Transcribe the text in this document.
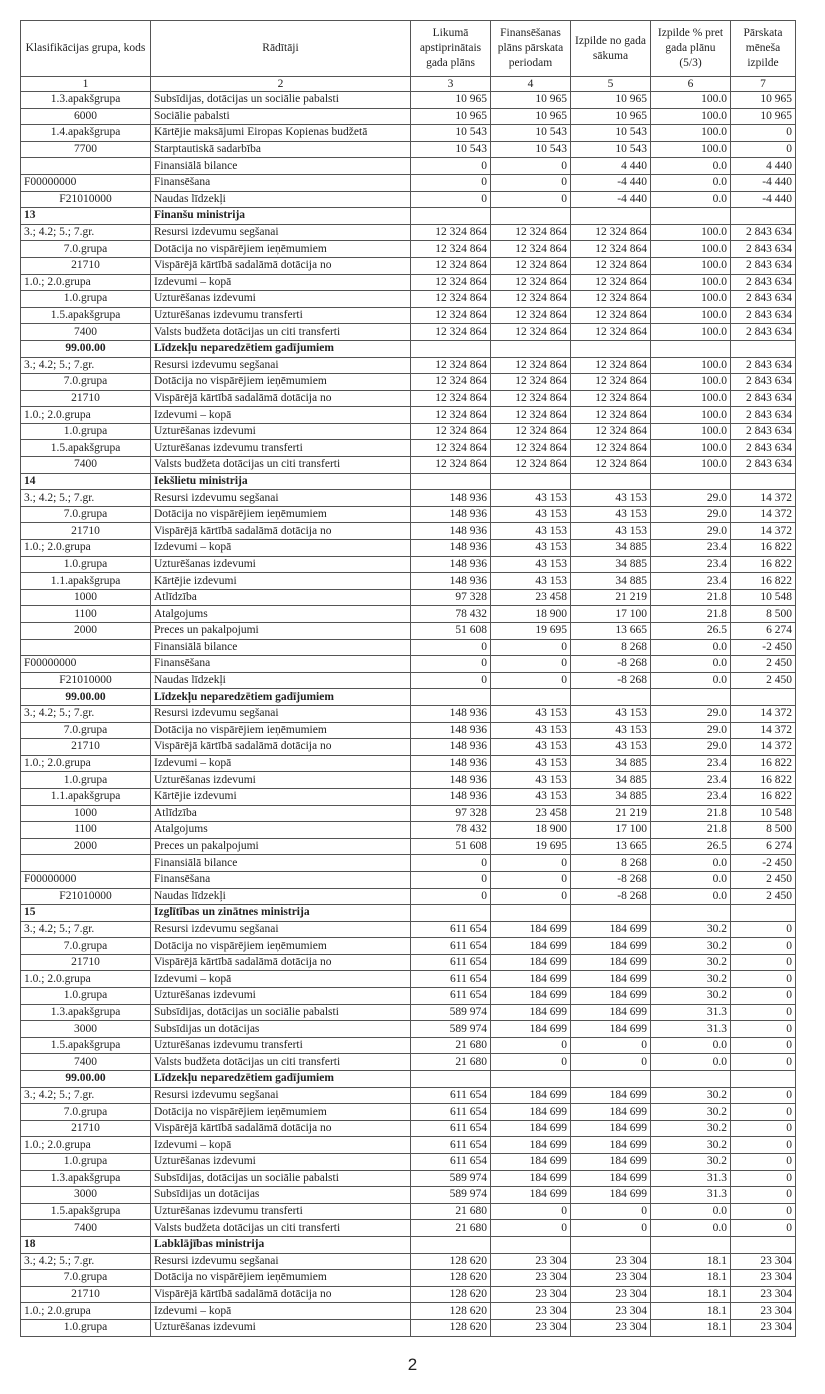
Klasifikācijas grupa, kods	Rādītāji	Likumā apstiprinātais gada plāns	Finansēšanas plāns pārskata periodam	Izpilde no gada sākuma	Izpilde % pret gada plānu (5/3)	Pārskata mēneša izpilde
1	2	3	4	5	6	7
1.3.apakšgrupa	Subsīdijas, dotācijas un sociālie pabalsti	10 965	10 965	10 965	100.0	10 965
6000	Sociālie pabalsti	10 965	10 965	10 965	100.0	10 965
1.4.apakšgrupa	Kārtējie maksājumi Eiropas Kopienas budžetā	10 543	10 543	10 543	100.0	0
7700	Starptautiskā sadarbība	10 543	10 543	10 543	100.0	0
	Finansiālā bilance	0	0	4 440	0.0	4 440
F00000000	Finansēšana	0	0	-4 440	0.0	-4 440
F21010000	Naudas līdzekļi	0	0	-4 440	0.0	-4 440
13	Finanšu ministrija					
3.; 4.2; 5.; 7.gr.	Resursi izdevumu segšanai	12 324 864	12 324 864	12 324 864	100.0	2 843 634
7.0.grupa	Dotācija no vispārējiem ieņēmumiem	12 324 864	12 324 864	12 324 864	100.0	2 843 634
21710	Vispārējā kārtībā sadalāmā dotācija no	12 324 864	12 324 864	12 324 864	100.0	2 843 634
1.0.; 2.0.grupa	Izdevumi – kopā	12 324 864	12 324 864	12 324 864	100.0	2 843 634
1.0.grupa	Uzturēšanas izdevumi	12 324 864	12 324 864	12 324 864	100.0	2 843 634
1.5.apakšgrupa	Uzturēšanas izdevumu transferti	12 324 864	12 324 864	12 324 864	100.0	2 843 634
7400	Valsts budžeta dotācijas un citi transferti	12 324 864	12 324 864	12 324 864	100.0	2 843 634
99.00.00	Līdzekļu neparedzētiem gadījumiem					
3.; 4.2; 5.; 7.gr.	Resursi izdevumu segšanai	12 324 864	12 324 864	12 324 864	100.0	2 843 634
7.0.grupa	Dotācija no vispārējiem ieņēmumiem	12 324 864	12 324 864	12 324 864	100.0	2 843 634
21710	Vispārējā kārtībā sadalāmā dotācija no	12 324 864	12 324 864	12 324 864	100.0	2 843 634
1.0.; 2.0.grupa	Izdevumi – kopā	12 324 864	12 324 864	12 324 864	100.0	2 843 634
1.0.grupa	Uzturēšanas izdevumi	12 324 864	12 324 864	12 324 864	100.0	2 843 634
1.5.apakšgrupa	Uzturēšanas izdevumu transferti	12 324 864	12 324 864	12 324 864	100.0	2 843 634
7400	Valsts budžeta dotācijas un citi transferti	12 324 864	12 324 864	12 324 864	100.0	2 843 634
14	Iekšlietu ministrija					
3.; 4.2; 5.; 7.gr.	Resursi izdevumu segšanai	148 936	43 153	43 153	29.0	14 372
7.0.grupa	Dotācija no vispārējiem ieņēmumiem	148 936	43 153	43 153	29.0	14 372
21710	Vispārējā kārtībā sadalāmā dotācija no	148 936	43 153	43 153	29.0	14 372
1.0.; 2.0.grupa	Izdevumi – kopā	148 936	43 153	34 885	23.4	16 822
1.0.grupa	Uzturēšanas izdevumi	148 936	43 153	34 885	23.4	16 822
1.1.apakšgrupa	Kārtējie izdevumi	148 936	43 153	34 885	23.4	16 822
1000	Atlīdzība	97 328	23 458	21 219	21.8	10 548
1100	Atalgojums	78 432	18 900	17 100	21.8	8 500
2000	Preces un pakalpojumi	51 608	19 695	13 665	26.5	6 274
	Finansiālā bilance	0	0	8 268	0.0	-2 450
F00000000	Finansēšana	0	0	-8 268	0.0	2 450
F21010000	Naudas līdzekļi	0	0	-8 268	0.0	2 450
99.00.00	Līdzekļu neparedzētiem gadījumiem					
3.; 4.2; 5.; 7.gr.	Resursi izdevumu segšanai	148 936	43 153	43 153	29.0	14 372
7.0.grupa	Dotācija no vispārējiem ieņēmumiem	148 936	43 153	43 153	29.0	14 372
21710	Vispārējā kārtībā sadalāmā dotācija no	148 936	43 153	43 153	29.0	14 372
1.0.; 2.0.grupa	Izdevumi – kopā	148 936	43 153	34 885	23.4	16 822
1.0.grupa	Uzturēšanas izdevumi	148 936	43 153	34 885	23.4	16 822
1.1.apakšgrupa	Kārtējie izdevumi	148 936	43 153	34 885	23.4	16 822
1000	Atlīdzība	97 328	23 458	21 219	21.8	10 548
1100	Atalgojums	78 432	18 900	17 100	21.8	8 500
2000	Preces un pakalpojumi	51 608	19 695	13 665	26.5	6 274
	Finansiālā bilance	0	0	8 268	0.0	-2 450
F00000000	Finansēšana	0	0	-8 268	0.0	2 450
F21010000	Naudas līdzekļi	0	0	-8 268	0.0	2 450
15	Izglītības un zinātnes ministrija					
3.; 4.2; 5.; 7.gr.	Resursi izdevumu segšanai	611 654	184 699	184 699	30.2	0
7.0.grupa	Dotācija no vispārējiem ieņēmumiem	611 654	184 699	184 699	30.2	0
21710	Vispārējā kārtībā sadalāmā dotācija no	611 654	184 699	184 699	30.2	0
1.0.; 2.0.grupa	Izdevumi – kopā	611 654	184 699	184 699	30.2	0
1.0.grupa	Uzturēšanas izdevumi	611 654	184 699	184 699	30.2	0
1.3.apakšgrupa	Subsīdijas, dotācijas un sociālie pabalsti	589 974	184 699	184 699	31.3	0
3000	Subsīdijas un dotācijas	589 974	184 699	184 699	31.3	0
1.5.apakšgrupa	Uzturēšanas izdevumu transferti	21 680	0	0	0.0	0
7400	Valsts budžeta dotācijas un citi transferti	21 680	0	0	0.0	0
99.00.00	Līdzekļu neparedzētiem gadījumiem					
3.; 4.2; 5.; 7.gr.	Resursi izdevumu segšanai	611 654	184 699	184 699	30.2	0
7.0.grupa	Dotācija no vispārējiem ieņēmumiem	611 654	184 699	184 699	30.2	0
21710	Vispārējā kārtībā sadalāmā dotācija no	611 654	184 699	184 699	30.2	0
1.0.; 2.0.grupa	Izdevumi – kopā	611 654	184 699	184 699	30.2	0
1.0.grupa	Uzturēšanas izdevumi	611 654	184 699	184 699	30.2	0
1.3.apakšgrupa	Subsīdijas, dotācijas un sociālie pabalsti	589 974	184 699	184 699	31.3	0
3000	Subsīdijas un dotācijas	589 974	184 699	184 699	31.3	0
1.5.apakšgrupa	Uzturēšanas izdevumu transferti	21 680	0	0	0.0	0
7400	Valsts budžeta dotācijas un citi transferti	21 680	0	0	0.0	0
18	Labklājības ministrija					
3.; 4.2; 5.; 7.gr.	Resursi izdevumu segšanai	128 620	23 304	23 304	18.1	23 304
7.0.grupa	Dotācija no vispārējiem ieņēmumiem	128 620	23 304	23 304	18.1	23 304
21710	Vispārējā kārtībā sadalāmā dotācija no	128 620	23 304	23 304	18.1	23 304
1.0.; 2.0.grupa	Izdevumi – kopā	128 620	23 304	23 304	18.1	23 304
1.0.grupa	Uzturēšanas izdevumi	128 620	23 304	23 304	18.1	23 304
2
